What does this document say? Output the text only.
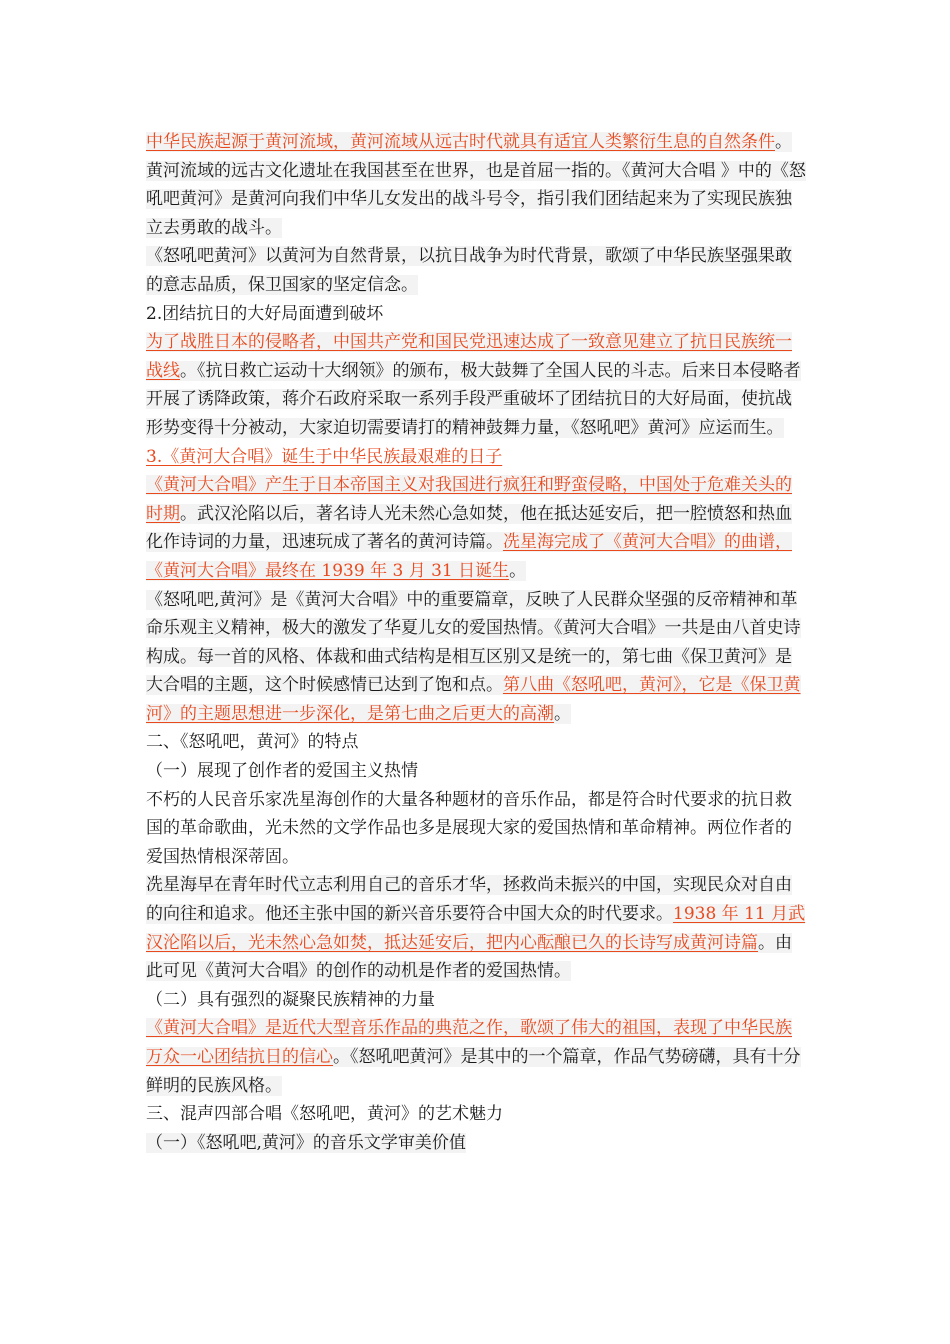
中华民族起源于黄河流域，黄河流域从远古时代就具有适宜人类繁衍生息的自然条件。黄河流域的远古文化遗址在我国甚至在世界，也是首屈一指的。《黄河大合唱 》中的《怒吼吧黄河》是黄河向我们中华儿女发出的战斗号令，指引我们团结起来为了实现民族独立去勇敢的战斗。

《怒吼吧黄河》以黄河为自然背景，以抗日战争为时代背景，歌颂了中华民族坚强果敢的意志品质，保卫国家的坚定信念。

2.团结抗日的大好局面遭到破坏

为了战胜日本的侵略者，中国共产党和国民党迅速达成了一致意见建立了抗日民族统一战线。《抗日救亡运动十大纲领》的颁布，极大鼓舞了全国人民的斗志。后来日本侵略者开展了诱降政策，蒋介石政府采取一系列手段严重破坏了团结抗日的大好局面，使抗战形势变得十分被动，大家迫切需要请打的精神鼓舞力量，《怒吼吧》黄河》应运而生。

3.《黄河大合唱》诞生于中华民族最艰难的日子

《黄河大合唱》产生于日本帝国主义对我国进行疯狂和野蛮侵略，中国处于危难关头的时期。武汉沦陷以后，著名诗人光未然心急如焚，他在抵达延安后，把一腔愤怒和热血化作诗词的力量，迅速玩成了著名的黄河诗篇。冼星海完成了《黄河大合唱》的曲谱，《黄河大合唱》最终在 1939 年 3 月 31 日诞生。

《怒吼吧,黄河》是《黄河大合唱》中的重要篇章，反映了人民群众坚强的反帝精神和革命乐观主义精神，极大的激发了华夏儿女的爱国热情。《黄河大合唱》一共是由八首史诗构成。每一首的风格、体裁和曲式结构是相互区别又是统一的，第七曲《保卫黄河》是大合唱的主题，这个时候感情已达到了饱和点。第八曲《怒吼吧，黄河》，它是《保卫黄河》的主题思想进一步深化，是第七曲之后更大的高潮。

二、《怒吼吧，黄河》的特点

（一）展现了创作者的爱国主义热情

不朽的人民音乐家冼星海创作的大量各种题材的音乐作品，都是符合时代要求的抗日救国的革命歌曲，光未然的文学作品也多是展现大家的爱国热情和革命精神。两位作者的爱国热情根深蒂固。

冼星海早在青年时代立志利用自己的音乐才华，拯救尚未振兴的中国，实现民众对自由的向往和追求。他还主张中国的新兴音乐要符合中国大众的时代要求。1938 年 11 月武汉沦陷以后，光未然心急如焚，抵达延安后，把内心酝酿已久的长诗写成黄河诗篇。由此可见《黄河大合唱》的创作的动机是作者的爱国热情。

（二）具有强烈的凝聚民族精神的力量

《黄河大合唱》是近代大型音乐作品的典范之作，歌颂了伟大的祖国，表现了中华民族万众一心团结抗日的信心。《怒吼吧黄河》是其中的一个篇章，作品气势磅礴，具有十分鲜明的民族风格。

三、混声四部合唱《怒吼吧，黄河》的艺术魅力

（一）《怒吼吧,黄河》的音乐文学审美价值
